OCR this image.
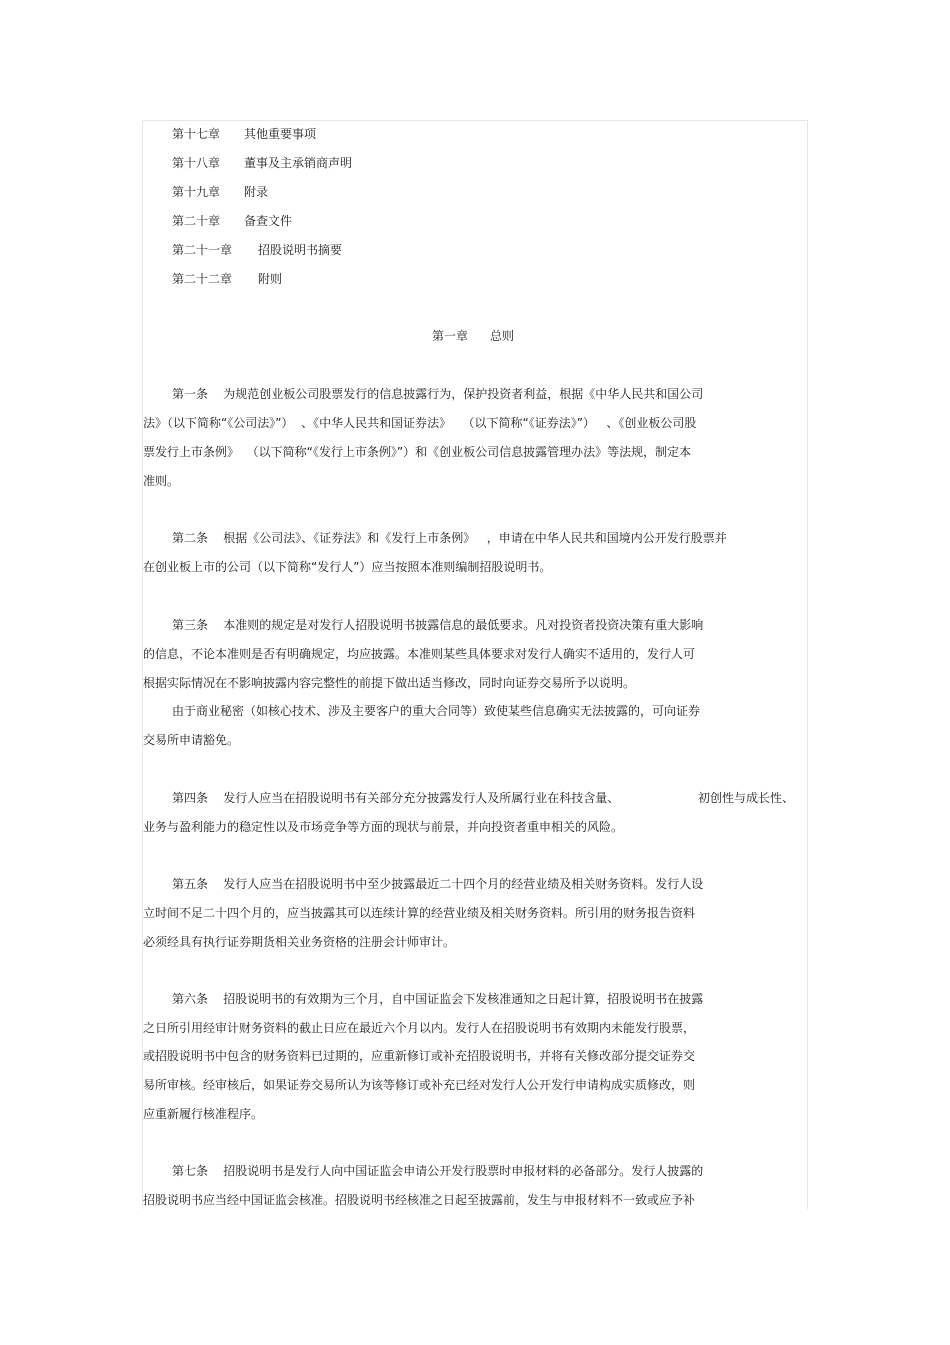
第十七章 其他重要事项
第十八章 董事及主承销商声明
第十九章 附录
第二十章 备查文件
第二十一章 招股说明书摘要
第二十二章 附则
第一章 总则
第一条    为规范创业板公司股票发行的信息披露行为，保护投资者利益，根据《中华人民共和国公司
法》（以下简称“《公司法》”）  、《中华人民共和国证券法》   （以下简称“《证券法》”）   、《创业板公司股
票发行上市条例》  （以下简称“《发行上市条例》”）和《创业板公司信息披露管理办法》等法规，制定本
准则。
第二条    根据《公司法》、《证券法》和《发行上市条例》   ，申请在中华人民共和国境内公开发行股票并
在创业板上市的公司（以下简称“发行人”）应当按照本准则编制招股说明书。
第三条    本准则的规定是对发行人招股说明书披露信息的最低要求。凡对投资者投资决策有重大影响
的信息，不论本准则是否有明确规定，均应披露。本准则某些具体要求对发行人确实不适用的，发行人可
根据实际情况在不影响披露内容完整性的前提下做出适当修改，同时向证券交易所予以说明。
由于商业秘密（如核心技术、涉及主要客户的重大合同等）致使某些信息确实无法披露的，可向证券
交易所申请豁免。
第四条    发行人应当在招股说明书有关部分充分披露发行人及所属行业在科技含量、	初创性与成长性、
业务与盈利能力的稳定性以及市场竞争等方面的现状与前景，并向投资者重申相关的风险。
第五条    发行人应当在招股说明书中至少披露最近二十四个月的经营业绩及相关财务资料。发行人设
立时间不足二十四个月的，应当披露其可以连续计算的经营业绩及相关财务资料。所引用的财务报告资料
必须经具有执行证券期货相关业务资格的注册会计师审计。
第六条    招股说明书的有效期为三个月，自中国证监会下发核准通知之日起计算，招股说明书在披露
之日所引用经审计财务资料的截止日应在最近六个月以内。发行人在招股说明书有效期内未能发行股票，
或招股说明书中包含的财务资料已过期的，应重新修订或补充招股说明书，并将有关修改部分提交证券交
易所审核。经审核后，如果证券交易所认为该等修订或补充已经对发行人公开发行申请构成实质修改，则
应重新履行核准程序。
第七条    招股说明书是发行人向中国证监会申请公开发行股票时申报材料的必备部分。发行人披露的
招股说明书应当经中国证监会核准。招股说明书经核准之日起至披露前，发生与申报材料不一致或应予补
